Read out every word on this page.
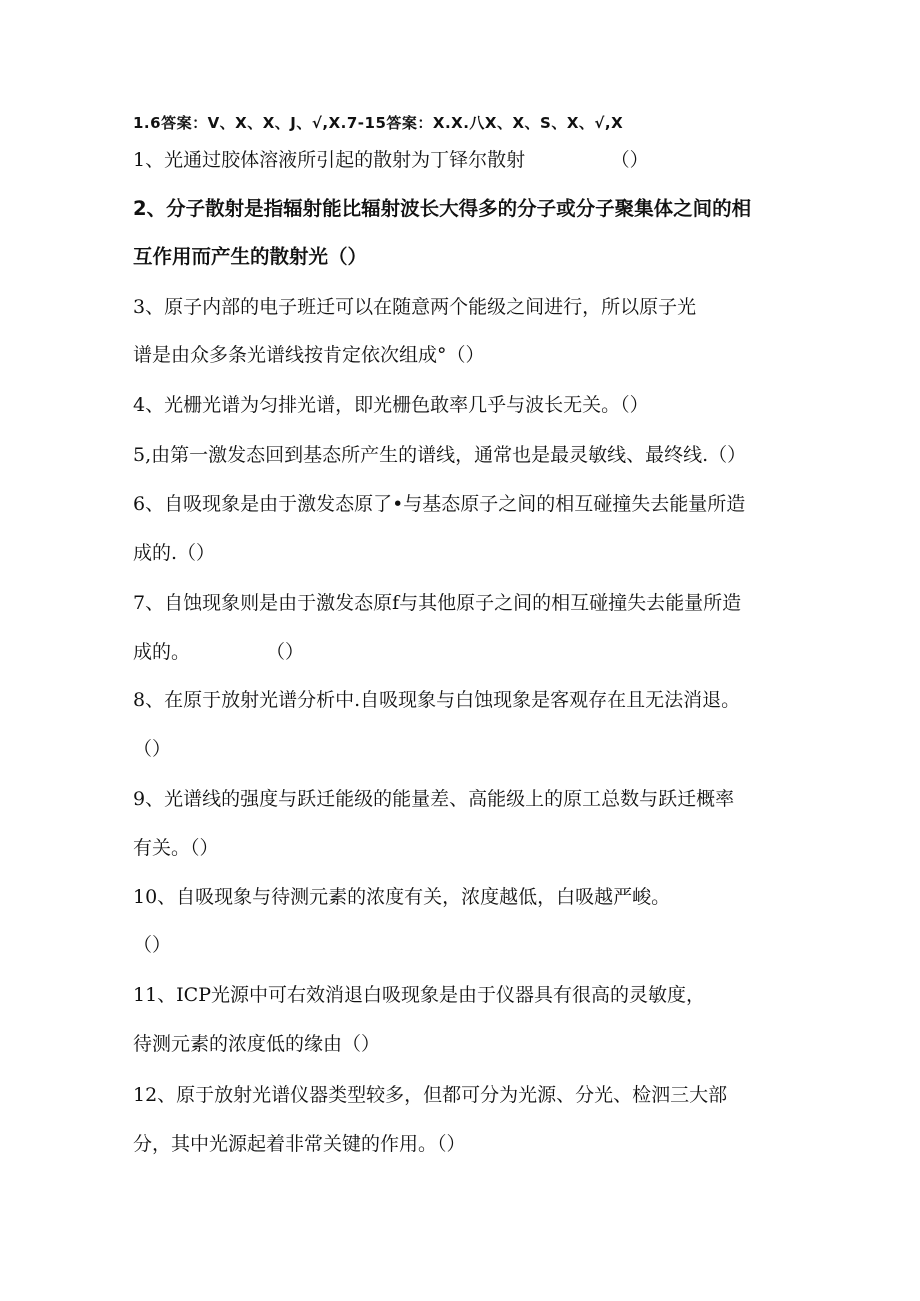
1.6答案：V、X、X、J、√,X.7-15答案：X.X.八X、X、S、X、√,X
1、光通过胶体溶液所引起的散射为丁铎尔散射　　　　　（）
2、分子散射是指辐射能比辐射波长大得多的分子或分子聚集体之间的相
互作用而产生的散射光（）
3、原子内部的电子班迁可以在随意两个能级之间进行，所以原子光
谱是由众多条光谱线按肯定依次组成°（）
4、光栅光谱为匀排光谱，即光栅色敢率几乎与波长无关。（）
5,由第一激发态回到基态所产生的谱线，通常也是最灵敏线、最终线.（）
6、自吸现象是由于激发态原了•与基态原子之间的相互碰撞失去能量所造
成的.（）
7、自蚀现象则是由于激发态原f与其他原子之间的相互碰撞失去能量所造
成的。　　　　　（）
8、在原于放射光谱分析中.自吸现象与白蚀现象是客观存在且无法消退。
（）
9、光谱线的强度与跃迁能级的能量差、高能级上的原工总数与跃迁概率
有关。（）
10、自吸现象与待测元素的浓度有关，浓度越低，白吸越严峻。
（）
11、ICP光源中可右效消退白吸现象是由于仪器具有很高的灵敏度，
待测元素的浓度低的缘由（）
12、原于放射光谱仪器类型较多，但都可分为光源、分光、检泗三大部
分，其中光源起着非常关键的作用。（）
